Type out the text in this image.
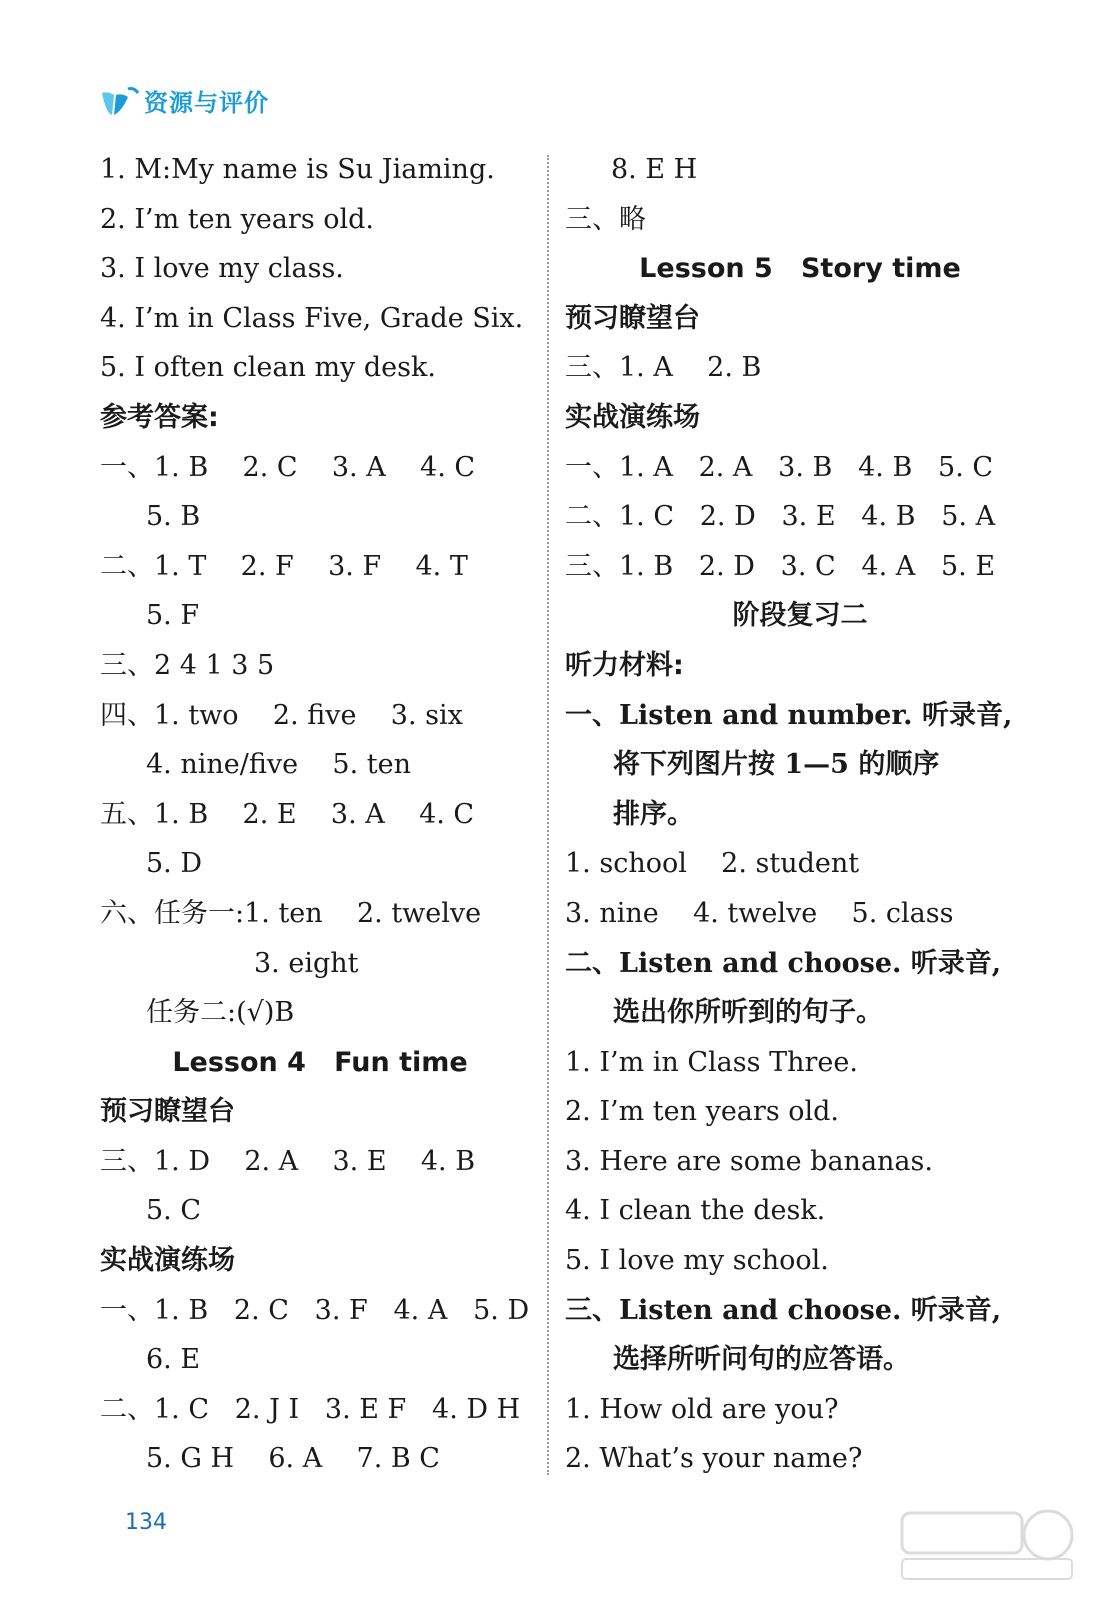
资源与评价
1. M:My name is Su Jiaming.
2. I’m ten years old.
3. I love my class.
4. I’m in Class Five, Grade Six.
5. I often clean my desk.
参考答案:
一、1. B    2. C    3. A    4. C
5. B
二、1. T    2. F    3. F    4. T
5. F
三、2 4 1 3 5
四、1. two    2. five    3. six
4. nine/five    5. ten
五、1. B    2. E    3. A    4. C
5. D
六、任务一:1. ten    2. twelve
3. eight
任务二:(√)B
Lesson 4   Fun time
预习瞭望台
三、1. D    2. A    3. E    4. B
5. C
实战演练场
一、1. B   2. C   3. F   4. A   5. D
6. E
二、1. C   2. J I   3. E F   4. D H
5. G H    6. A    7. B C
8. E H
三、略
Lesson 5   Story time
预习瞭望台
三、1. A    2. B
实战演练场
一、1. A   2. A   3. B   4. B   5. C
二、1. C   2. D   3. E   4. B   5. A
三、1. B   2. D   3. C   4. A   5. E
阶段复习二
听力材料:
一、Listen and number. 听录音,
将下列图片按 1—5 的顺序
排序。
1. school    2. student
3. nine    4. twelve    5. class
二、Listen and choose. 听录音,
选出你所听到的句子。
1. I’m in Class Three.
2. I’m ten years old.
3. Here are some bananas.
4. I clean the desk.
5. I love my school.
三、Listen and choose. 听录音,
选择所听问句的应答语。
1. How old are you?
2. What’s your name?
134
